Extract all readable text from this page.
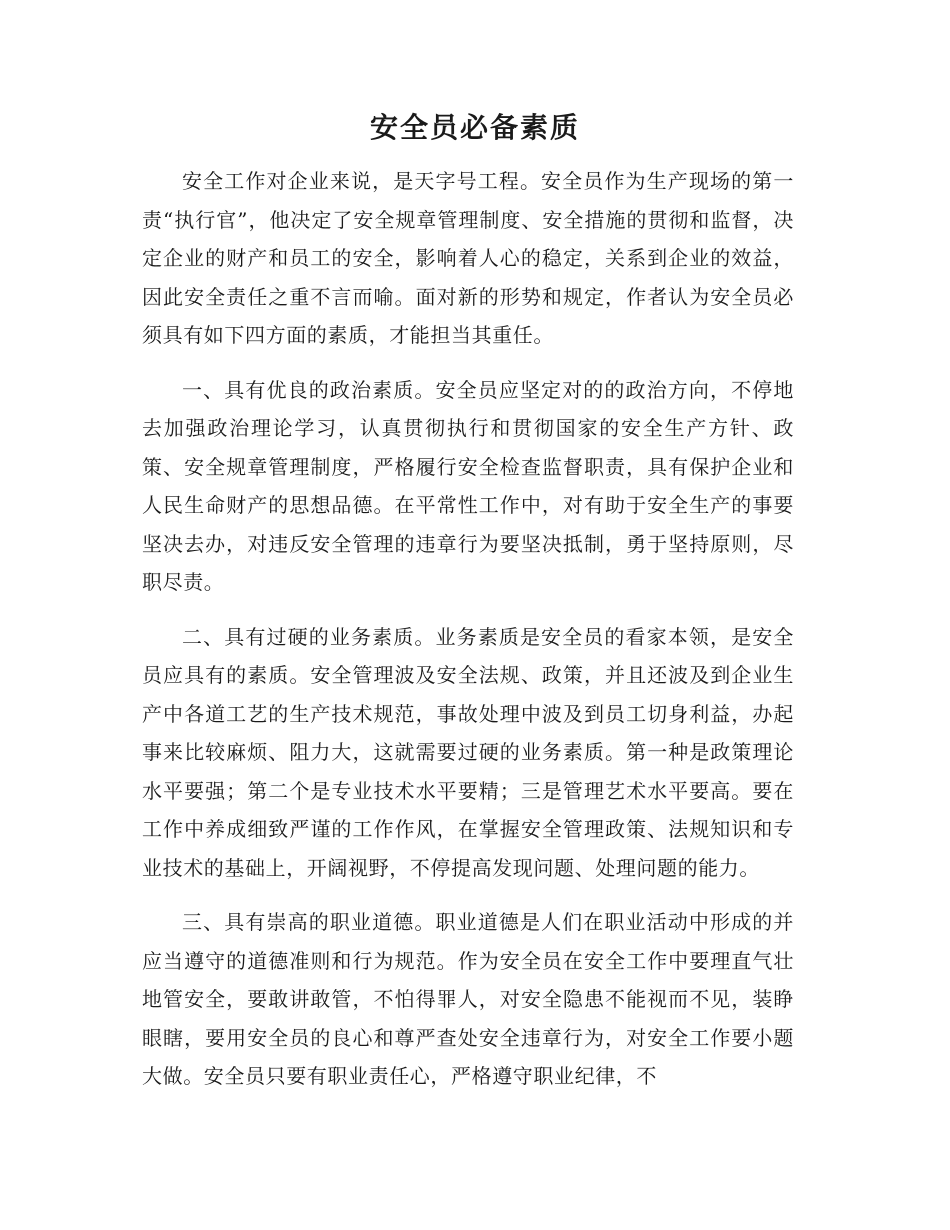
安全员必备素质

安全工作对企业来说，是天字号工程。安全员作为生产现场的第一责“执行官”，他决定了安全规章管理制度、安全措施的贯彻和监督，决定企业的财产和员工的安全，影响着人心的稳定，关系到企业的效益，因此安全责任之重不言而喻。面对新的形势和规定，作者认为安全员必须具有如下四方面的素质，才能担当其重任。

一、具有优良的政治素质。安全员应坚定对的的政治方向，不停地去加强政治理论学习，认真贯彻执行和贯彻国家的安全生产方针、政策、安全规章管理制度，严格履行安全检查监督职责，具有保护企业和人民生命财产的思想品德。在平常性工作中，对有助于安全生产的事要坚决去办，对违反安全管理的违章行为要坚决抵制，勇于坚持原则，尽职尽责。

二、具有过硬的业务素质。业务素质是安全员的看家本领，是安全员应具有的素质。安全管理波及安全法规、政策，并且还波及到企业生产中各道工艺的生产技术规范，事故处理中波及到员工切身利益，办起事来比较麻烦、阻力大，这就需要过硬的业务素质。第一种是政策理论水平要强；第二个是专业技术水平要精；三是管理艺术水平要高。要在工作中养成细致严谨的工作作风，在掌握安全管理政策、法规知识和专业技术的基础上，开阔视野，不停提高发现问题、处理问题的能力。

三、具有崇高的职业道德。职业道德是人们在职业活动中形成的并应当遵守的道德准则和行为规范。作为安全员在安全工作中要理直气壮地管安全，要敢讲敢管，不怕得罪人，对安全隐患不能视而不见，装睁眼瞎，要用安全员的良心和尊严查处安全违章行为，对安全工作要小题大做。安全员只要有职业责任心，严格遵守职业纪律，不
